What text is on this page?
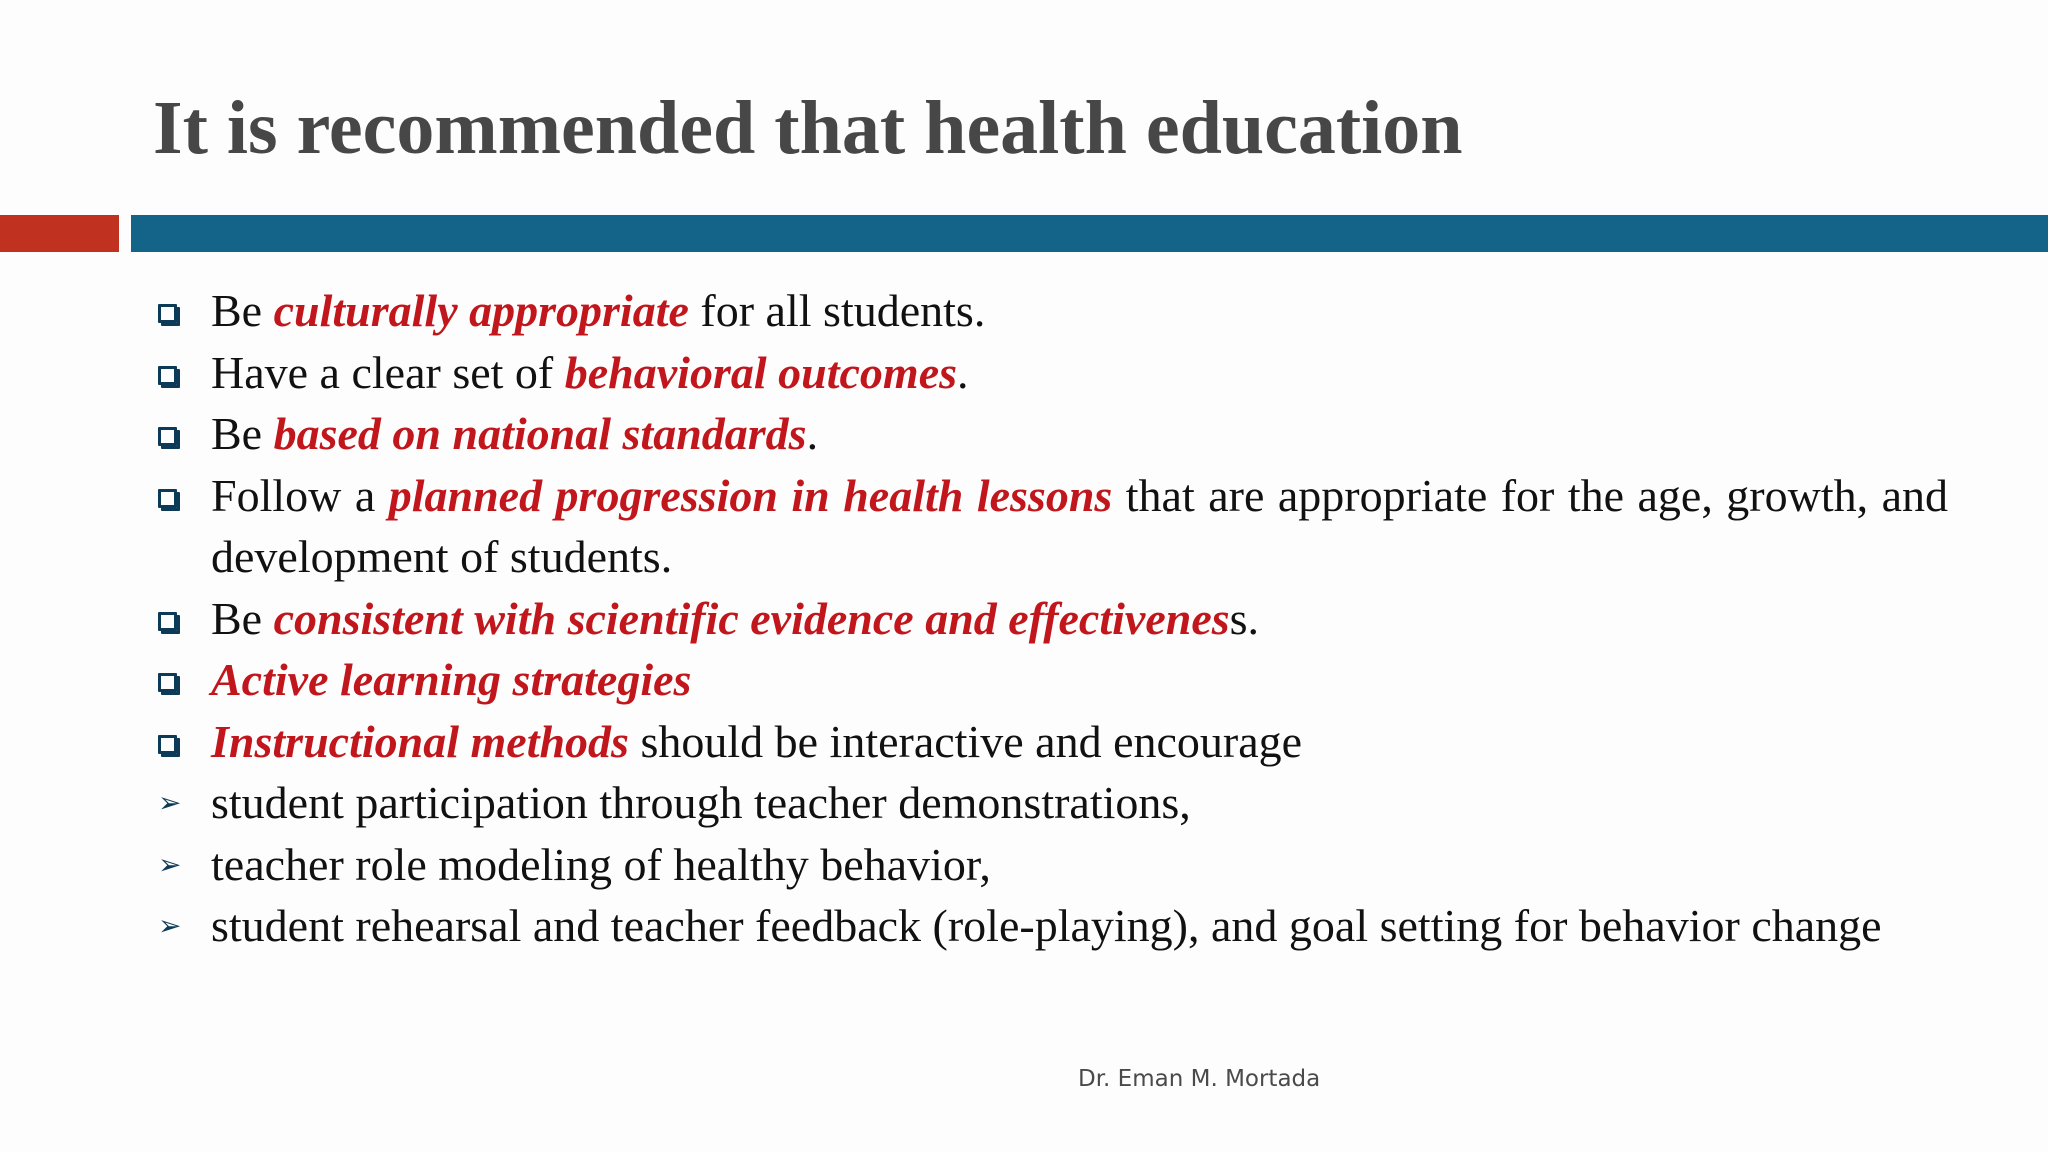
It is recommended that health education
Be culturally appropriate for all students.
Have a clear set of behavioral outcomes.
Be based on national standards.
Follow a planned progression in health lessons that are appropriate for the age, growth, and development of students.
Be consistent with scientific evidence and effectiveness.
Active learning strategies
Instructional methods should be interactive and encourage
➢ student participation through teacher demonstrations,
➢ teacher role modeling of healthy behavior,
➢ student rehearsal and teacher feedback (role-playing), and goal setting for behavior change
Dr. Eman M. Mortada
